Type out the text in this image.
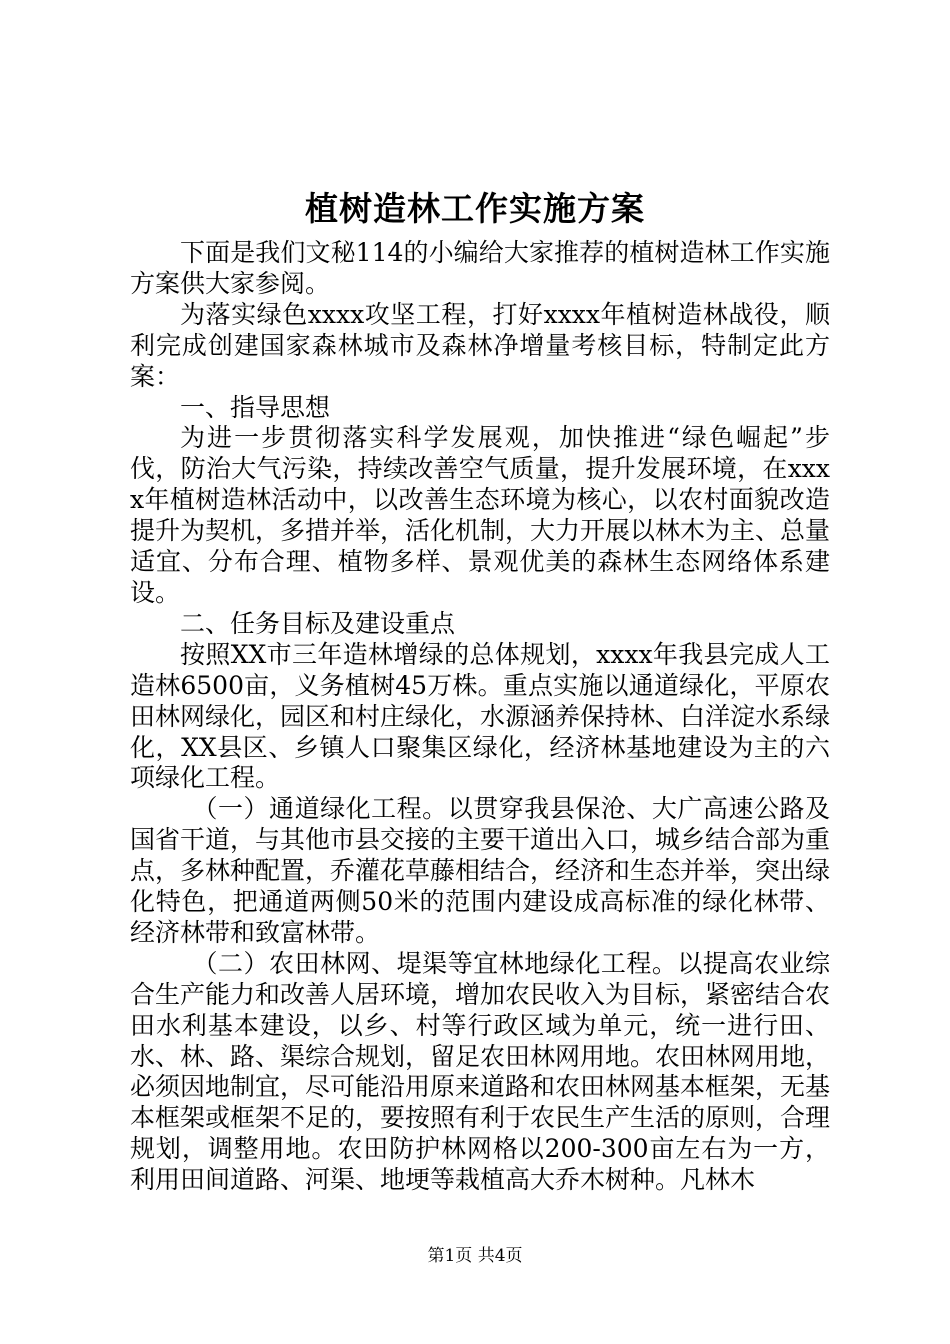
植树造林工作实施方案

下面是我们文秘114的小编给大家推荐的植树造林工作实施方案供大家参阅。

为落实绿色xxxx攻坚工程，打好xxxx年植树造林战役，顺利完成创建国家森林城市及森林净增量考核目标，特制定此方案：

一、指导思想

为进一步贯彻落实科学发展观，加快推进“绿色崛起”步伐，防治大气污染，持续改善空气质量，提升发展环境，在xxxx年植树造林活动中，以改善生态环境为核心，以农村面貌改造提升为契机，多措并举，活化机制，大力开展以林木为主、总量适宜、分布合理、植物多样、景观优美的森林生态网络体系建设。

二、任务目标及建设重点

按照XX市三年造林增绿的总体规划，xxxx年我县完成人工造林6500亩，义务植树45万株。重点实施以通道绿化，平原农田林网绿化，园区和村庄绿化，水源涵养保持林、白洋淀水系绿化，XX县区、乡镇人口聚集区绿化，经济林基地建设为主的六项绿化工程。

（一）通道绿化工程。以贯穿我县保沧、大广高速公路及国省干道，与其他市县交接的主要干道出入口，城乡结合部为重点，多林种配置，乔灌花草藤相结合，经济和生态并举，突出绿化特色，把通道两侧50米的范围内建设成高标准的绿化林带、经济林带和致富林带。

（二）农田林网、堤渠等宜林地绿化工程。以提高农业综合生产能力和改善人居环境，增加农民收入为目标，紧密结合农田水利基本建设，以乡、村等行政区域为单元，统一进行田、水、林、路、渠综合规划，留足农田林网用地。农田林网用地，必须因地制宜，尽可能沿用原来道路和农田林网基本框架，无基本框架或框架不足的，要按照有利于农民生产生活的原则，合理规划，调整用地。农田防护林网格以200-300亩左右为一方，利用田间道路、河渠、地埂等栽植高大乔木树种。凡林木

第1页 共4页
